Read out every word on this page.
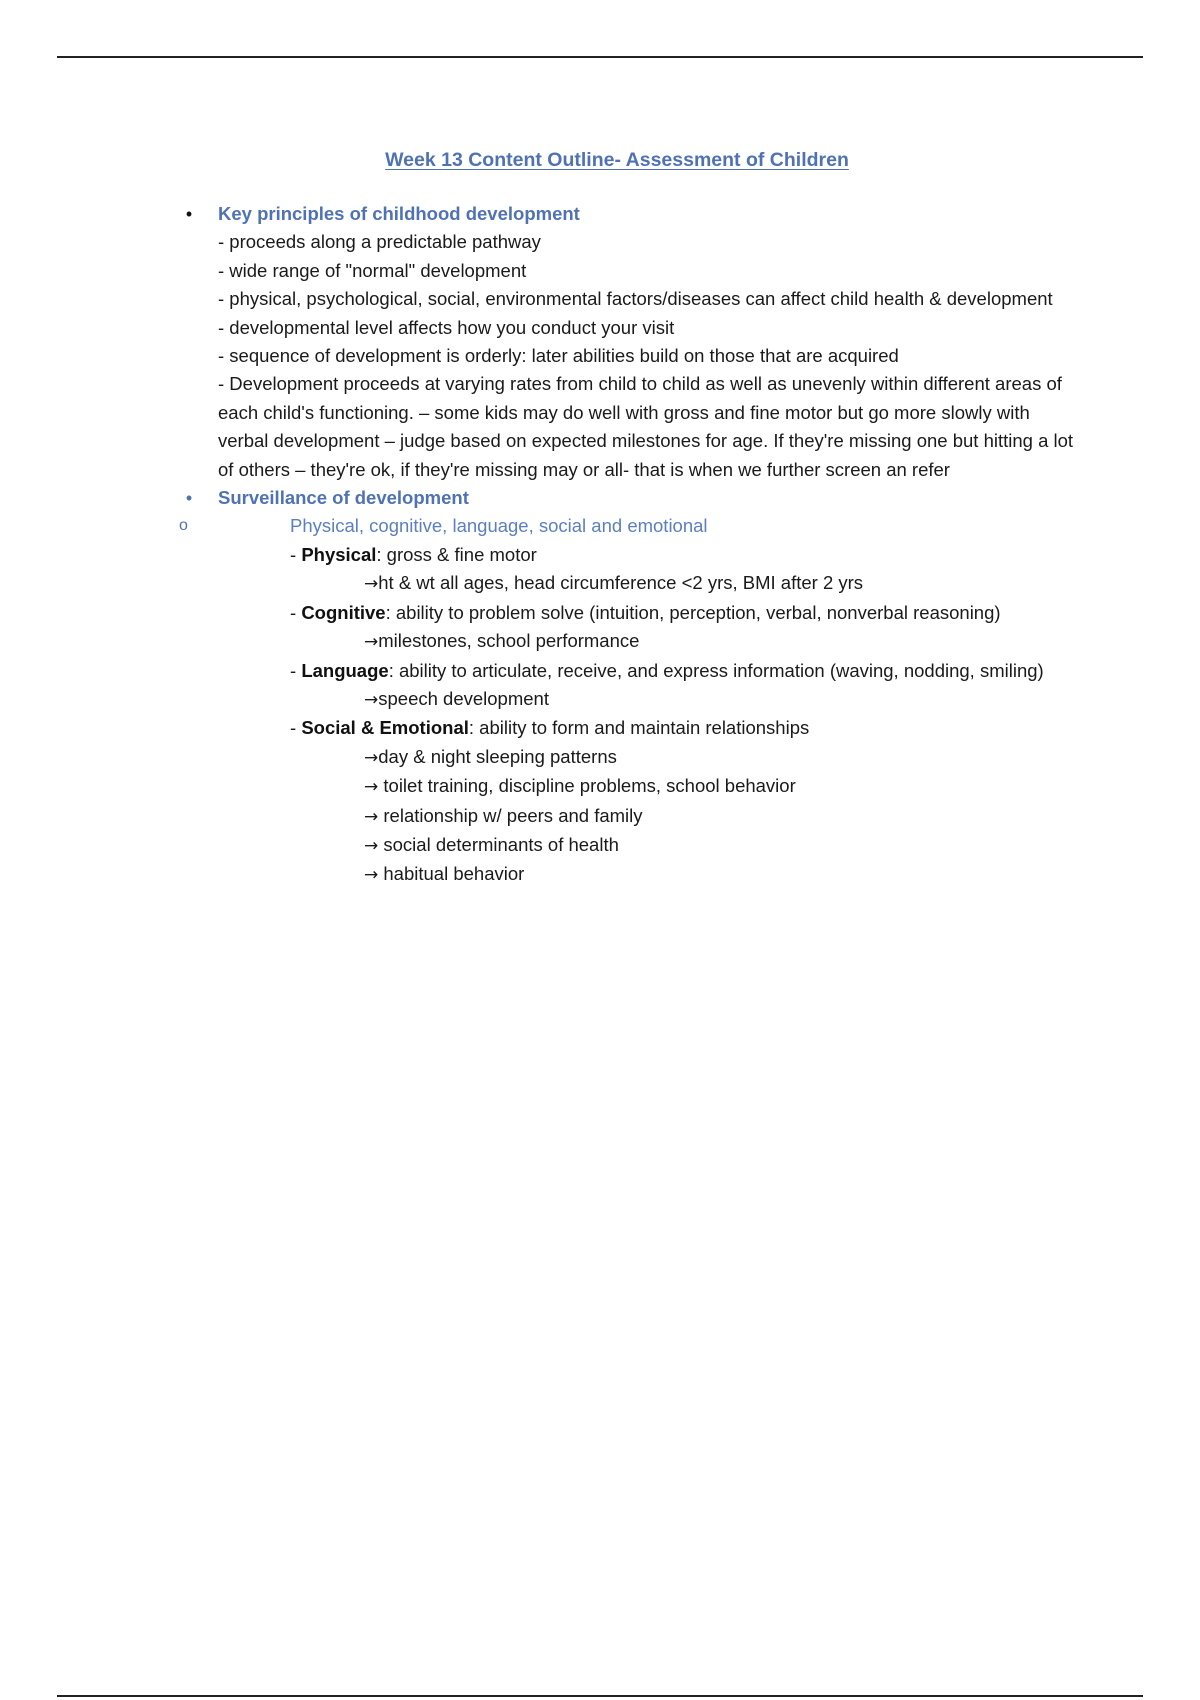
Week 13 Content Outline- Assessment of Children
• Key principles of childhood development

- proceeds along a predictable pathway

- wide range of "normal" development

- physical, psychological, social, environmental factors/diseases can affect child health & development

- developmental level affects how you conduct your visit

- sequence of development is orderly: later abilities build on those that are acquired

- Development proceeds at varying rates from child to child as well as unevenly within different areas of each child's functioning. – some kids may do well with gross and fine motor but go more slowly with verbal development – judge based on expected milestones for age. If they're missing one but hitting a lot of others – they're ok, if they're missing may or all- that is when we further screen an refer

• Surveillance of development
o	Physical, cognitive, language, social and emotional

- Physical: gross & fine motor

→ht & wt all ages, head circumference <2 yrs, BMI after 2 yrs

- Cognitive: ability to problem solve (intuition, perception, verbal, nonverbal reasoning)

→milestones, school performance

- Language: ability to articulate, receive, and express information (waving, nodding, smiling)

→speech development

- Social & Emotional: ability to form and maintain relationships

→day & night sleeping patterns

→ toilet training, discipline problems, school behavior

→ relationship w/ peers and family

→ social determinants of health

→ habitual behavior
